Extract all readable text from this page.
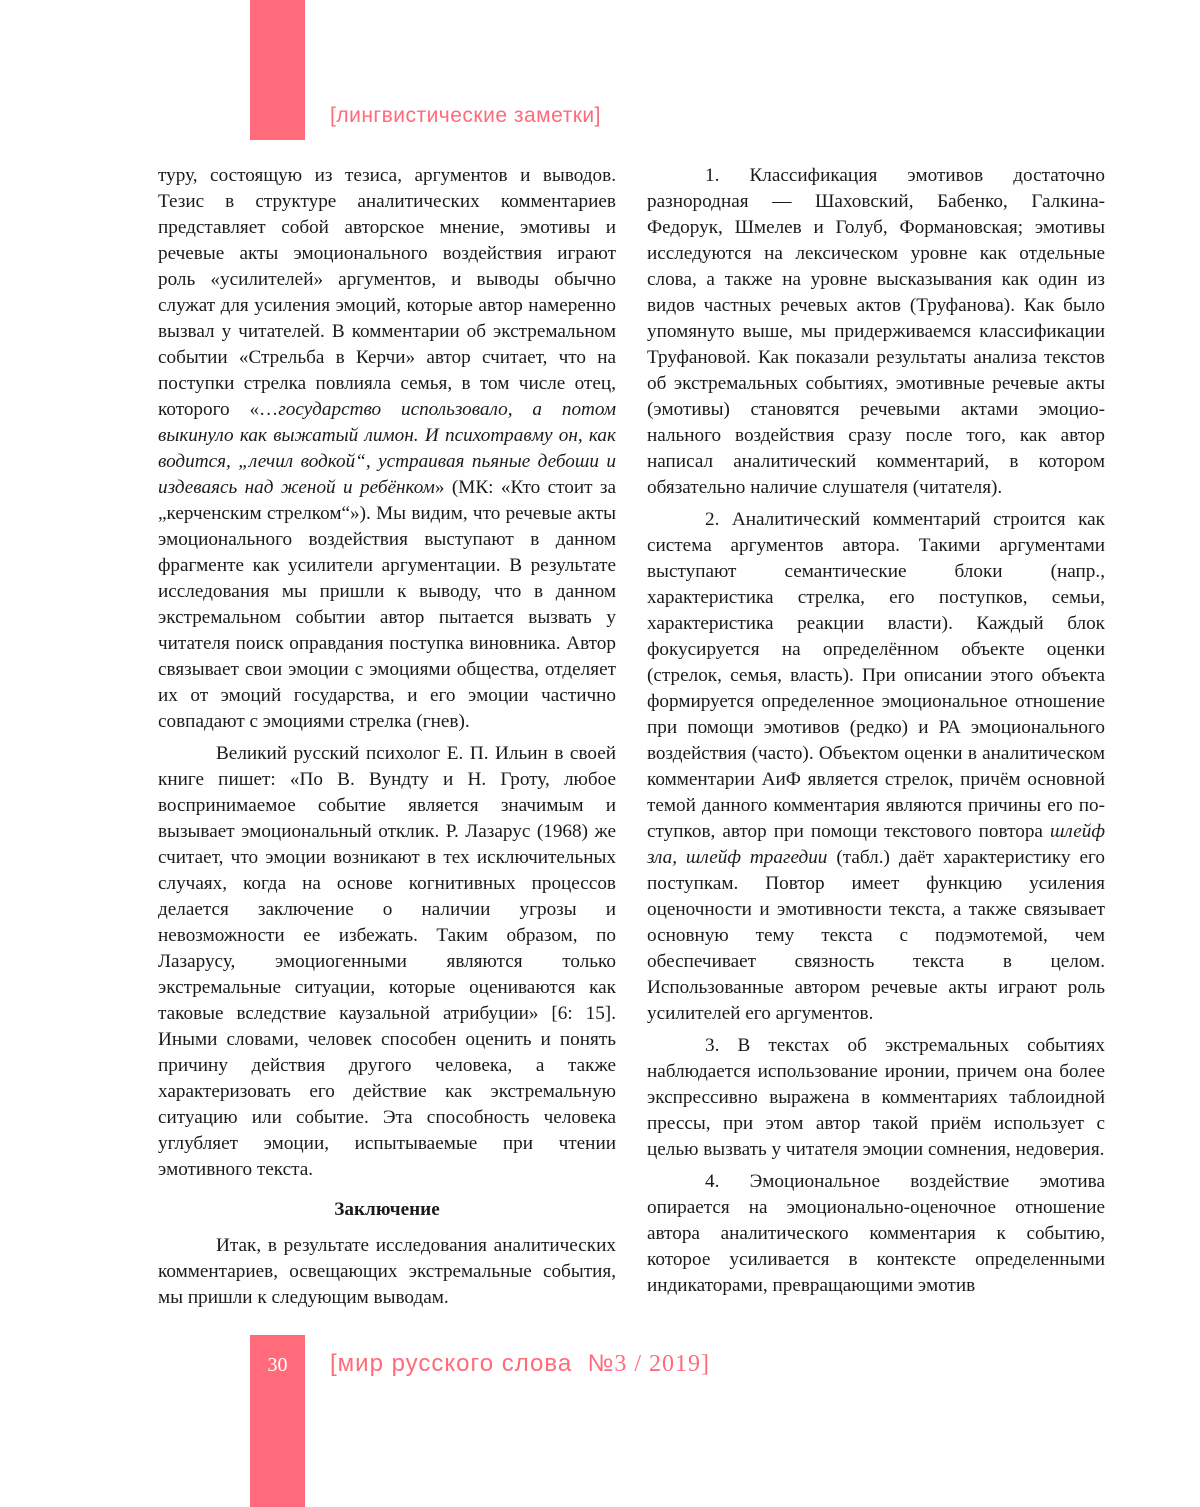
[лингвистические заметки]

туру, состоящую из тезиса, аргументов и выводов. Тезис в структуре аналитических комментариев представляет собой авторское мнение, эмотивы и речевые акты эмоционального воздействия играют роль «усилителей» аргументов, и выводы обычно служат для усиления эмоций, которые автор намеренно вызвал у читателей. В комментарии об экстремальном событии «Стрельба в Керчи» автор считает, что на поступки стрелка повлияла семья, в том числе отец, которого «…государство использовало, а потом выкинуло как выжатый лимон. И психотравму он, как водится, „лечил водкой“, устраивая пьяные дебоши и издеваясь над женой и ребёнком» (МК: «Кто стоит за „керченским стрелком“»). Мы видим, что речевые акты эмоционального воздействия выступают в данном фрагменте как усилители аргументации. В результате исследования мы пришли к выводу, что в данном экстремальном событии автор пытается вызвать у читателя поиск оправдания поступка виновника. Автор связывает свои эмоции с эмоциями общества, отделяет их от эмоций государства, и его эмоции частично совпадают с эмоциями стрелка (гнев).

Великий русский психолог Е. П. Ильин в своей книге пишет: «По В. Вундту и Н. Гроту, любое воспринимаемое событие является значимым и вызывает эмоциональный отклик. Р. Лазарус (1968) же считает, что эмоции возникают в тех исключительных случаях, когда на основе когнитивных процессов делается заключение о наличии угрозы и невозможности ее избежать. Таким образом, по Лазарусу, эмоциогенными являются только экстремальные ситуации, которые оцениваются как таковые вследствие каузальной атрибуции» [6: 15]. Иными словами, человек способен оценить и понять причину действия другого человека, а также характеризовать его действие как экстремальную ситуацию или событие. Эта способность человека углубляет эмоции, испытываемые при чтении эмотивного текста.

Заключение

Итак, в результате исследования аналитических комментариев, освещающих экстремальные события, мы пришли к следующим выводам.

1. Классификация эмотивов достаточно разнородная — Шаховский, Бабенко, Галкина-Федорук, Шмелев и Голуб, Формановская; эмотивы исследуются на лексическом уровне как отдельные слова, а также на уровне высказывания как один из видов частных речевых актов (Труфанова). Как было упомянуто выше, мы придерживаемся классификации Труфановой. Как показали результаты анализа текстов об экстремальных событиях, эмотивные речевые акты (эмотивы) становятся речевыми актами эмоционального воздействия сразу после того, как автор написал аналитический комментарий, в котором обязательно наличие слушателя (читателя).

2. Аналитический комментарий строится как система аргументов автора. Такими аргументами выступают семантические блоки (напр., характеристика стрелка, его поступков, семьи, характеристика реакции власти). Каждый блок фокусируется на определённом объекте оценки (стрелок, семья, власть). При описании этого объекта формируется определенное эмоциональное отношение при помощи эмотивов (редко) и РА эмоционального воздействия (часто). Объектом оценки в аналитическом комментарии АиФ является стрелок, причём основной темой данного комментария являются причины его поступков, автор при помощи текстового повтора шлейф зла, шлейф трагедии (табл.) даёт характеристику его поступкам. Повтор имеет функцию усиления оценочности и эмотивности текста, а также связывает основную тему текста с подэмотемой, чем обеспечивает связность текста в целом. Использованные автором речевые акты играют роль усилителей его аргументов.

3. В текстах об экстремальных событиях наблюдается использование иронии, причем она более экспрессивно выражена в комментариях таблоидной прессы, при этом автор такой приём использует с целью вызвать у читателя эмоции сомнения, недоверия.

4. Эмоциональное воздействие эмотива опирается на эмоционально-оценочное отношение автора аналитического комментария к событию, которое усиливается в контексте определенными индикаторами, превращающими эмотив

30	[мир русского слова №3 / 2019]
